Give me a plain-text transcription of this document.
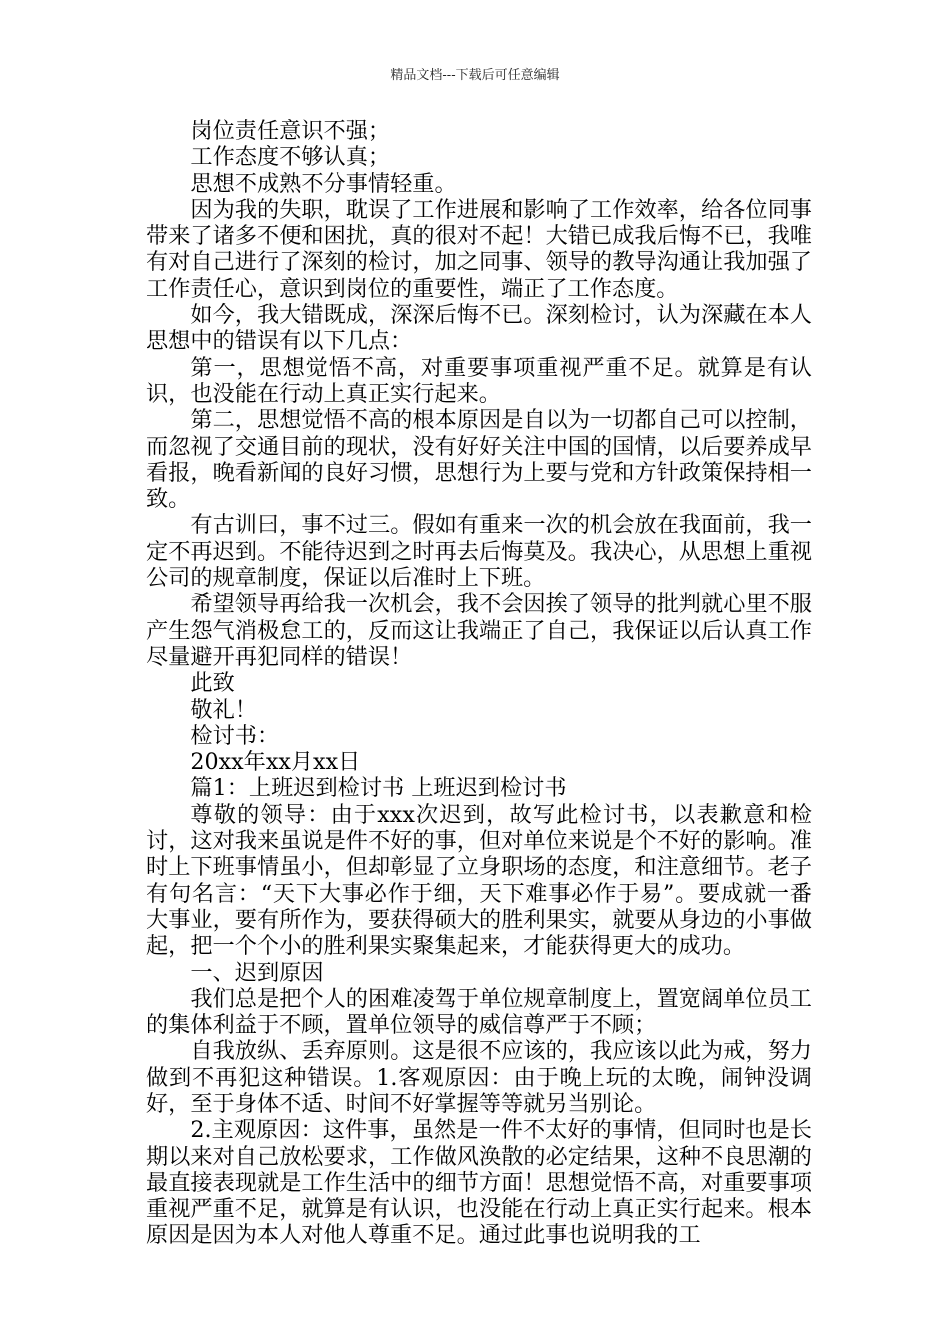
精品文档---下载后可任意编辑

岗位责任意识不强；

工作态度不够认真；

思想不成熟不分事情轻重。

因为我的失职，耽误了工作进展和影响了工作效率，给各位同事带来了诸多不便和困扰，真的很对不起！大错已成我后悔不已，我唯有对自己进行了深刻的检讨，加之同事、领导的教导沟通让我加强了工作责任心，意识到岗位的重要性，端正了工作态度。

如今，我大错既成，深深后悔不已。深刻检讨，认为深藏在本人思想中的错误有以下几点：

第一，思想觉悟不高，对重要事项重视严重不足。就算是有认识，也没能在行动上真正实行起来。

第二，思想觉悟不高的根本原因是自以为一切都自己可以控制，而忽视了交通目前的现状，没有好好关注中国的国情，以后要养成早看报，晚看新闻的良好习惯，思想行为上要与党和方针政策保持相一致。

有古训曰，事不过三。假如有重来一次的机会放在我面前，我一定不再迟到。不能待迟到之时再去后悔莫及。我决心，从思想上重视公司的规章制度，保证以后准时上下班。

希望领导再给我一次机会，我不会因挨了领导的批判就心里不服产生怨气消极怠工的，反而这让我端正了自己，我保证以后认真工作尽量避开再犯同样的错误！

此致

敬礼！

检讨书：

20xx年xx月xx日

篇1：上班迟到检讨书 上班迟到检讨书

尊敬的领导：由于xxx次迟到，故写此检讨书，以表歉意和检讨，这对我来虽说是件不好的事，但对单位来说是个不好的影响。准时上下班事情虽小，但却彰显了立身职场的态度，和注意细节。老子有句名言：“天下大事必作于细，天下难事必作于易”。要成就一番大事业，要有所作为，要获得硕大的胜利果实，就要从身边的小事做起，把一个个小的胜利果实聚集起来，才能获得更大的成功。

一、迟到原因

我们总是把个人的困难凌驾于单位规章制度上，置宽阔单位员工的集体利益于不顾，置单位领导的威信尊严于不顾；

自我放纵、丢弃原则。这是很不应该的，我应该以此为戒，努力做到不再犯这种错误。1.客观原因：由于晚上玩的太晚，闹钟没调好，至于身体不适、时间不好掌握等等就另当别论。

2.主观原因：这件事，虽然是一件不太好的事情，但同时也是长期以来对自己放松要求，工作做风涣散的必定结果，这种不良思潮的最直接表现就是工作生活中的细节方面！思想觉悟不高，对重要事项重视严重不足，就算是有认识，也没能在行动上真正实行起来。根本原因是因为本人对他人尊重不足。通过此事也说明我的工
